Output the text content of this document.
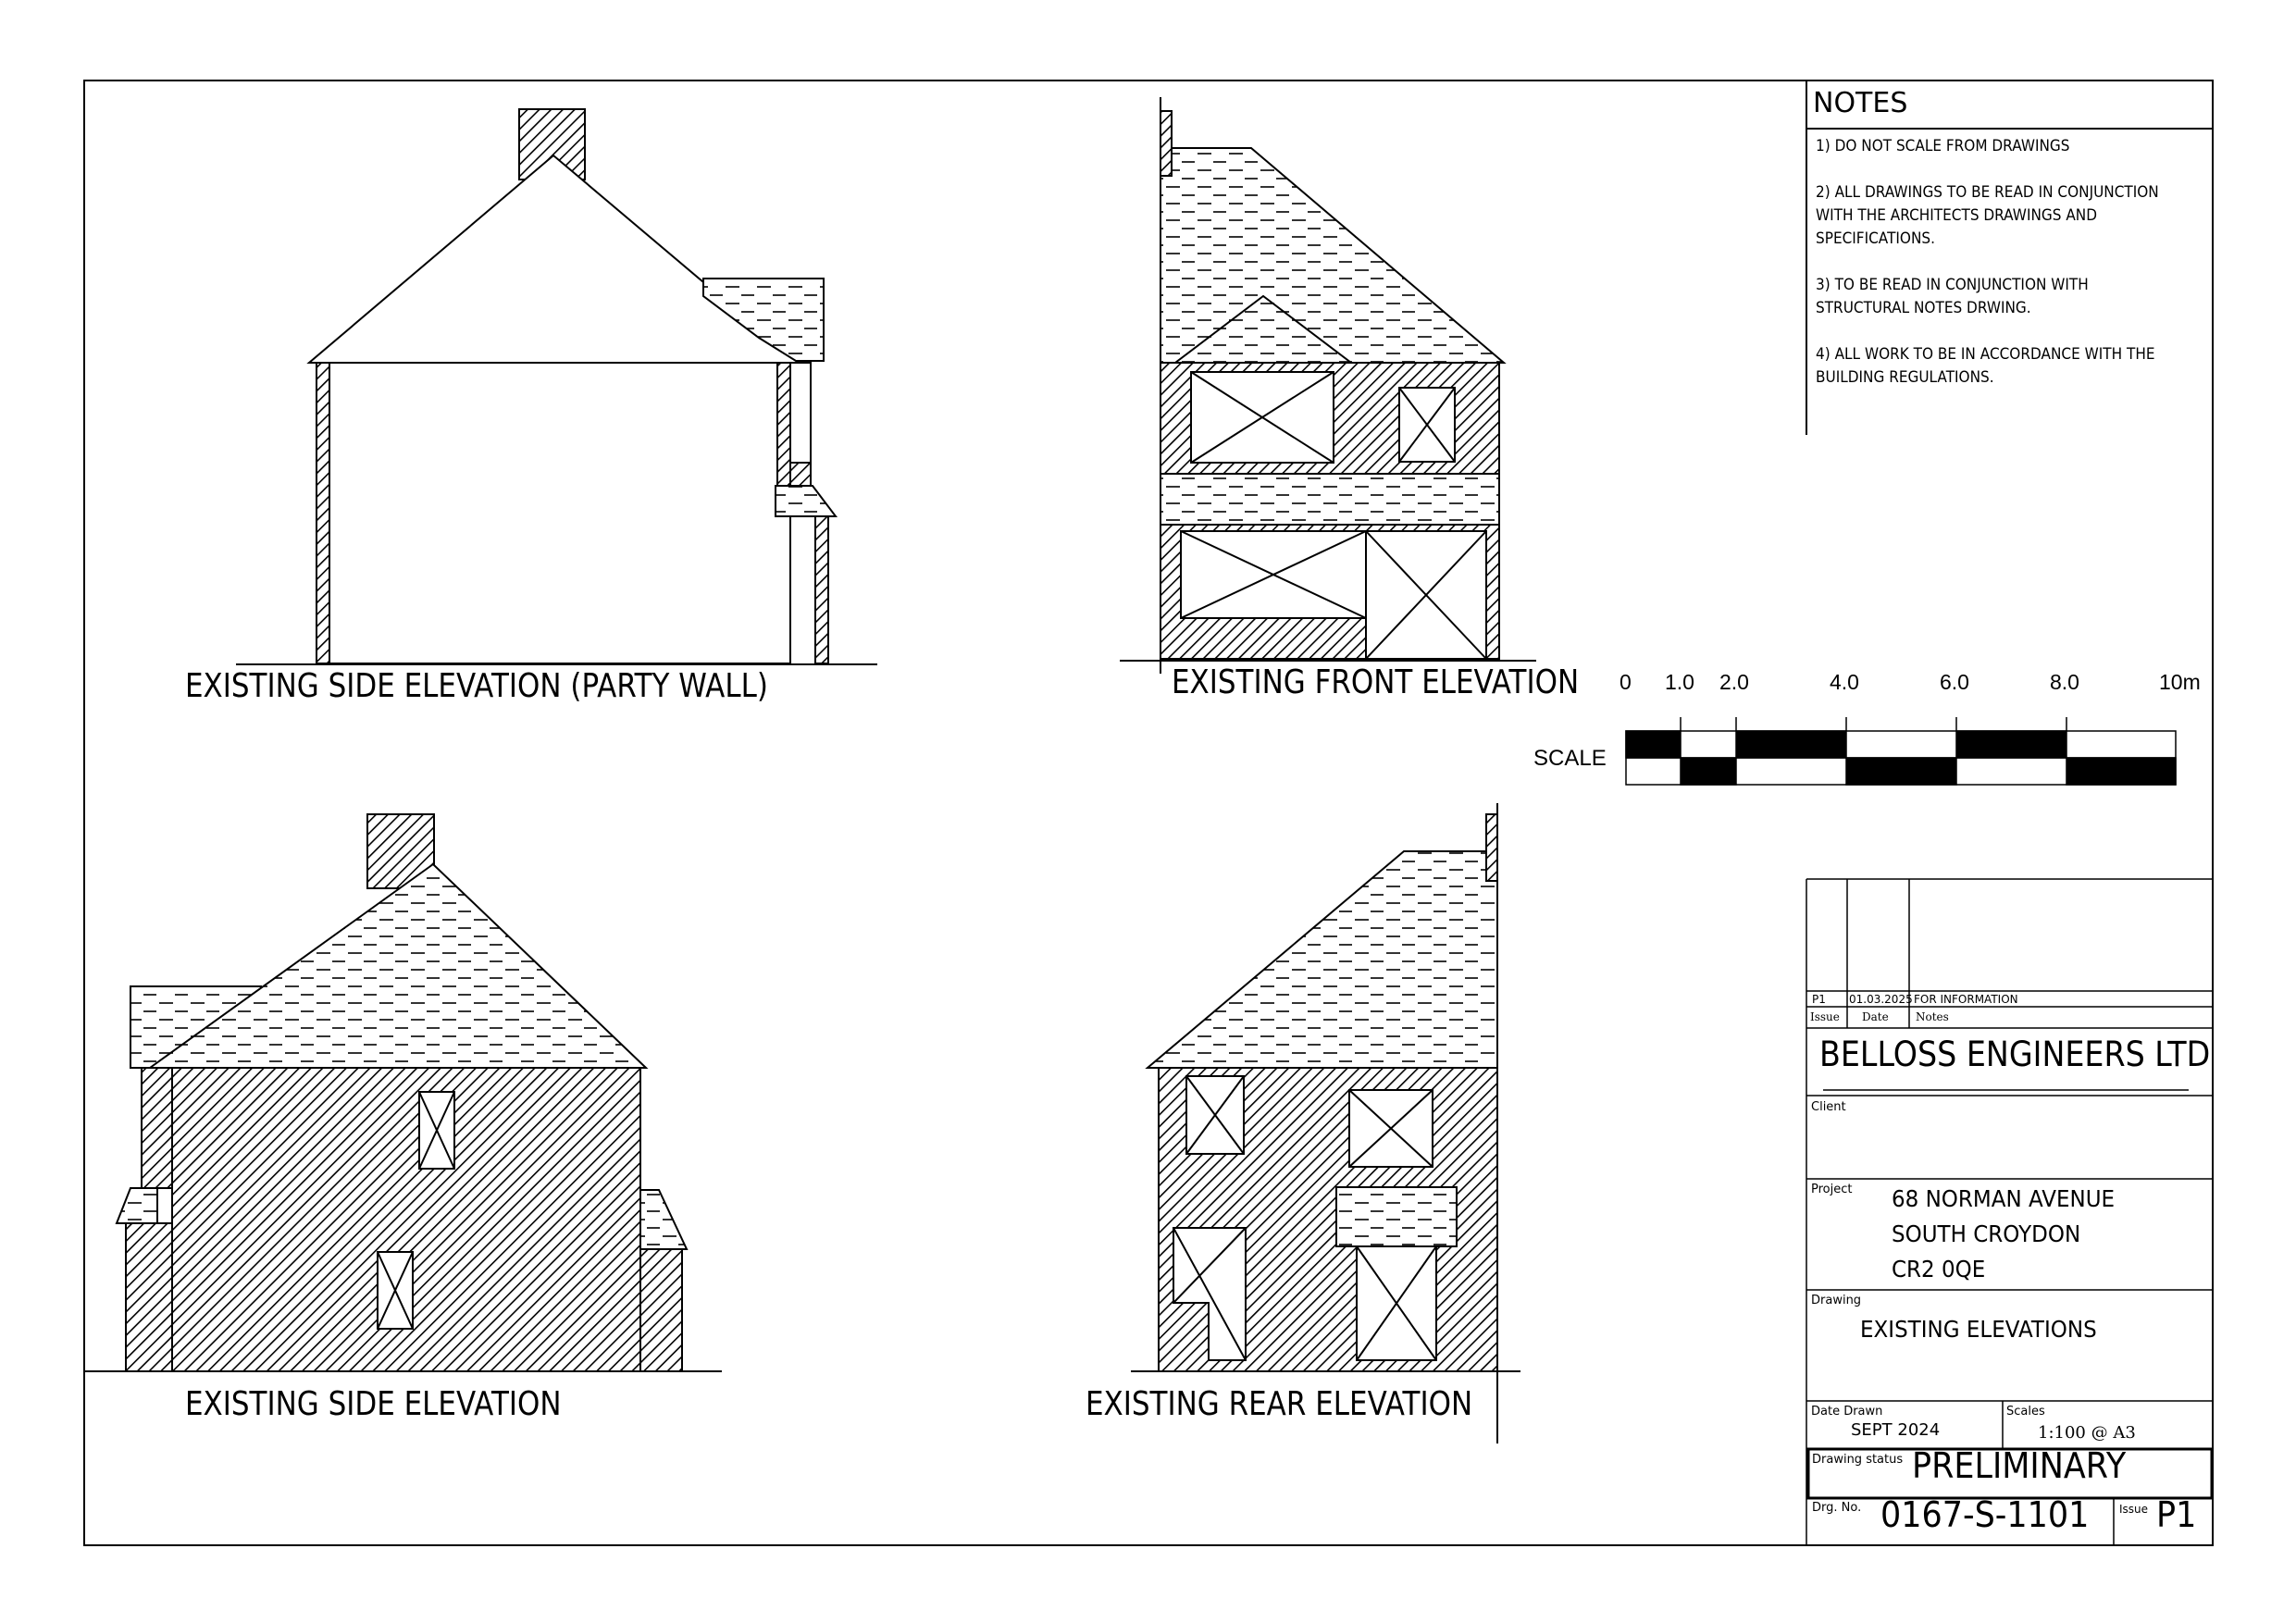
EXISTING SIDE ELEVATION (PARTY WALL)	EXISTING FRONT ELEVATION
EXISTING SIDE ELEVATION	EXISTING REAR ELEVATION
SCALE
0 1.0 2.0	4.0	6.0	8.0	10m
NOTES
1) DO NOT SCALE FROM DRAWINGS
2) ALL DRAWINGS TO BE READ IN CONJUNCTION WITH THE ARCHITECTS DRAWINGS AND SPECIFICATIONS.
3) TO BE READ IN CONJUNCTION WITH STRUCTURAL NOTES DRWING.
4) ALL WORK TO BE IN ACCORDANCE WITH THE BUILDING REGULATIONS.
P1 01.03.2025 FOR INFORMATION
Issue Date Notes
BELLOSS ENGINEERS LTD
Client
Project 68 NORMAN AVENUE
SOUTH CROYDON
CR2 0QE
Drawing
EXISTING ELEVATIONS
Date Drawn
SEPT 2024
Scales
1:100 @ A3
Drawing status PRELIMINARY
Drg. No. 0167-S-1101	Issue P1
